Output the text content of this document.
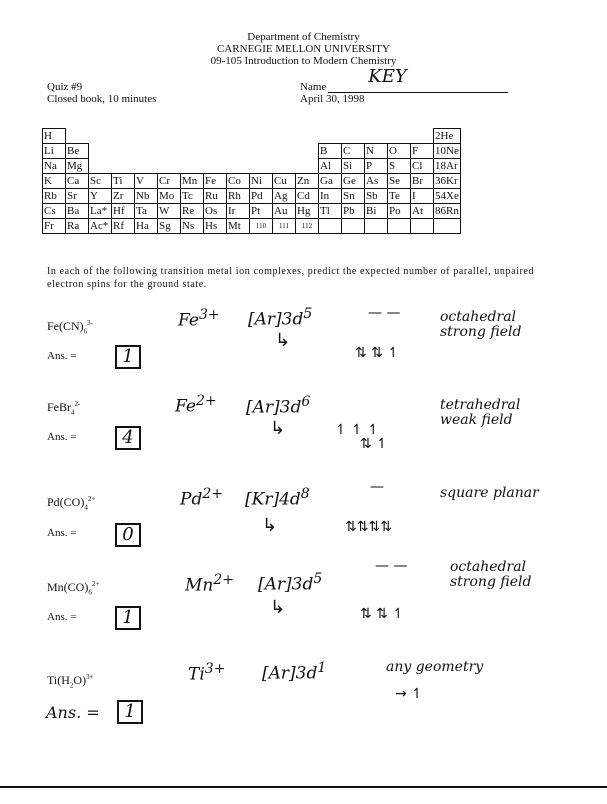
Department of Chemistry
CARNEGIE MELLON UNIVERSITY
09-105 Introduction to Modern Chemistry
Quiz #9
Closed book, 10 minutes
Name KEY
April 30, 1998
H																	2He
Li	Be											B	C	N	O	F	10Ne
Na	Mg											Al	Si	P	S	Cl	18Ar
K	Ca	Sc	Ti	V	Cr	Mn	Fe	Co	Ni	Cu	Zn	Ga	Ge	As	Se	Br	36Kr
Rb	Sr	Y	Zr	Nb	Mo	Tc	Ru	Rh	Pd	Ag	Cd	In	Sn	Sb	Te	I	54Xe
Cs	Ba	La*	Hf	Ta	W	Re	Os	Ir	Pt	Au	Hg	Tl	Pb	Bi	Po	At	86Rn
Fr	Ra	Ac*	Rf	Ha	Sg	Ns	Hs	Mt	110	111	112						
In each of the following transition metal ion complexes, predict the expected number of parallel, unpaired electron spins for the ground state.
$Fe(CN)_6^{3-}$
Ans. =	1
$Fe^{3+}$ $[Ar]3d^5$
↳
— —
⇅ ⇅ ↿
octahedral strong field
FeBr$_4^{2-}$
Ans. =	4
$Fe^{2+}$ $[Ar]3d^6$
↳	↿ ↿ ↿
⇅ ↿
tetrahedral weak field
$Pd(CO)_4^{2+}$
Ans. =	0
$Pd^{2+}$ $[Kr]4d^8$
↳
—
⇅⇅⇅⇅
square planar
$Mn(CO)_6^{2+}$
Ans. =	1
$Mn^{2+}$ $[Ar]3d^5$
↳
— —
⇅ ⇅ ↿
octahedral strong field
$Ti(H_2O)^{3+}$
Ans. =	1
$Ti^{3+}$ $[Ar]3d^1$	any geometry
→ ↿
